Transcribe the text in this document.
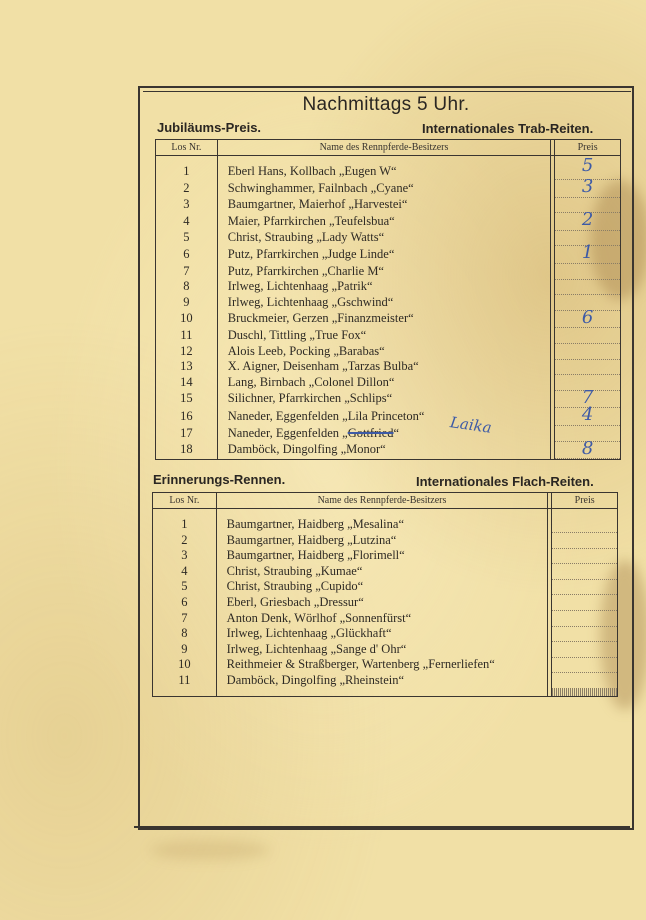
Nachmittags 5 Uhr.
Jubiläums-Preis.	Internationales Trab-Reiten.
Los Nr.	Name des Rennpferde-Besitzers		Preis
1	Eberl Hans, Kollbach „Eugen W“		5
2	Schwinghammer, Failnbach „Cyane“		3
3	Baumgartner, Maierhof „Harvestei“		
4	Maier, Pfarrkirchen „Teufelsbua“		2
5	Christ, Straubing „Lady Watts“		
6	Putz, Pfarrkirchen „Judge Linde“		1
7	Putz, Pfarrkirchen „Charlie M“		
8	Irlweg, Lichtenhaag „Patrik“		
9	Irlweg, Lichtenhaag „Gschwind“		
10	Bruckmeier, Gerzen „Finanzmeister“		6
11	Duschl, Tittling „True Fox“		
12	Alois Leeb, Pocking „Barabas“		
13	X. Aigner, Deisenham „Tarzas Bulba“		
14	Lang, Birnbach „Colonel Dillon“		
15	Silichner, Pfarrkirchen „Schlips“		7
16	Naneder, Eggenfelden „Lila Princeton“		4
17	Naneder, Eggenfelden „Gottfried“		
18	Damböck, Dingolfing „Monor“		8

Laika
Erinnerungs-Rennen.	Internationales Flach-Reiten.
Los Nr.	Name des Rennpferde-Besitzers		Preis
1	Baumgartner, Haidberg „Mesalina“		
2	Baumgartner, Haidberg „Lutzina“		
3	Baumgartner, Haidberg „Florimell“		
4	Christ, Straubing „Kumae“		
5	Christ, Straubing „Cupido“		
6	Eberl, Griesbach „Dressur“		
7	Anton Denk, Wörlhof „Sonnenfürst“		
8	Irlweg, Lichtenhaag „Glückhaft“		
9	Irlweg, Lichtenhaag „Sange d' Ohr“		
10	Reithmeier & Straßberger, Wartenberg „Fernerliefen“		
11	Damböck, Dingolfing „Rheinstein“		
